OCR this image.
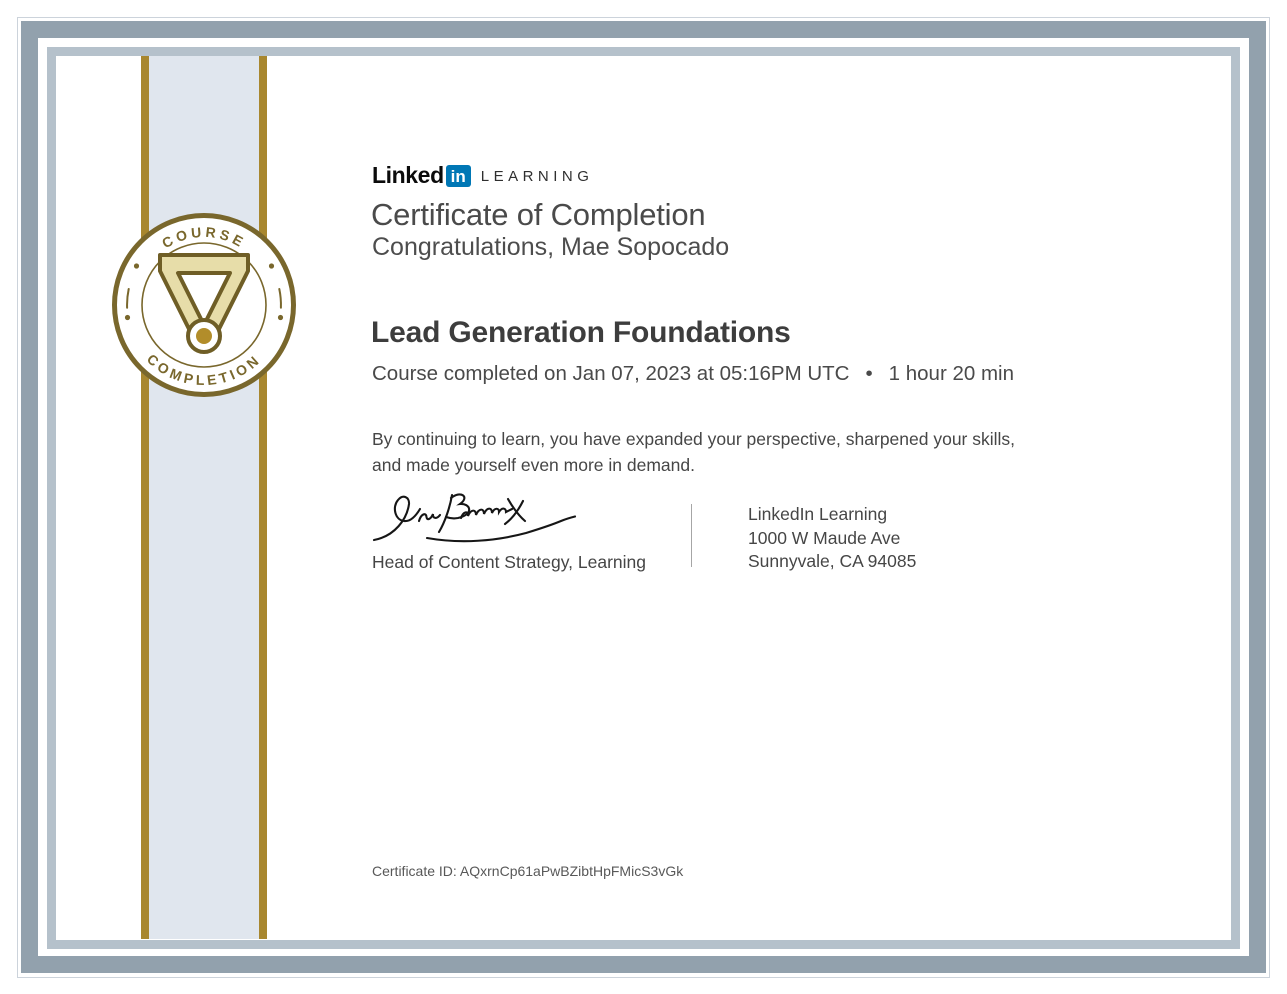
COURSE
COMPLETION
Linked in LEARNING
Certificate of Completion
Congratulations, Mae Sopocado
Lead Generation Foundations
Course completed on Jan 07, 2023 at 05:16PM UTC • 1 hour 20 min

By continuing to learn, you have expanded your perspective, sharpened your skills, and made yourself even more in demand.

Head of Content Strategy, Learning
LinkedIn Learning
1000 W Maude Ave
Sunnyvale, CA 94085
Certificate ID: AQxrnCp61aPwBZibtHpFMicS3vGk
